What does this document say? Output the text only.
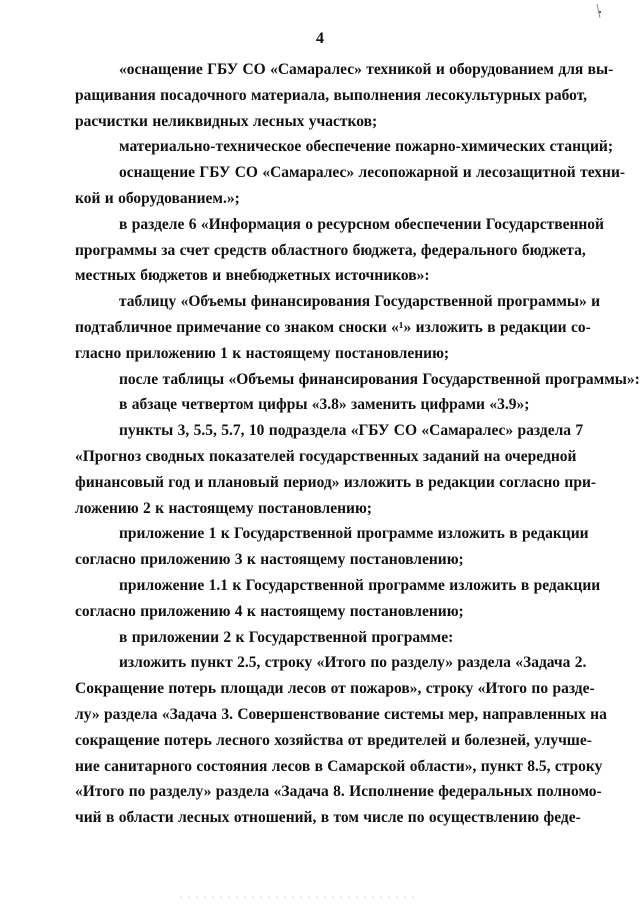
4
«оснащение ГБУ СО «Самаралес» техникой и оборудованием для вы-
ращивания посадочного материала, выполнения лесокультурных работ,
расчистки неликвидных лесных участков;
материально-техническое обеспечение пожарно-химических станций;
оснащение ГБУ СО «Самаралес» лесопожарной и лесозащитной техни-
кой и оборудованием.»;
в разделе 6 «Информация о ресурсном обеспечении Государственной
программы за счет средств областного бюджета, федерального бюджета,
местных бюджетов и внебюджетных источников»:
таблицу «Объемы финансирования Государственной программы» и
подтабличное примечание со знаком сноски «¹» изложить в редакции со-
гласно приложению 1 к настоящему постановлению;
после таблицы «Объемы финансирования Государственной программы»:
в абзаце четвертом цифры «3.8» заменить цифрами «3.9»;
пункты 3, 5.5, 5.7, 10 подраздела «ГБУ СО «Самаралес» раздела 7
«Прогноз сводных показателей государственных заданий на очередной
финансовый год и плановый период» изложить в редакции согласно при-
ложению 2 к настоящему постановлению;
приложение 1 к Государственной программе изложить в редакции
согласно приложению 3 к настоящему постановлению;
приложение 1.1 к Государственной программе изложить в редакции
согласно приложению 4 к настоящему постановлению;
в приложении 2 к Государственной программе:
изложить пункт 2.5, строку «Итого по разделу» раздела «Задача 2.
Сокращение потерь площади лесов от пожаров», строку «Итого по разде-
лу» раздела «Задача 3. Совершенствование системы мер, направленных на
сокращение потерь лесного хозяйства от вредителей и болезней, улучше-
ние санитарного состояния лесов в Самарской области», пункт 8.5, строку
«Итого по разделу» раздела «Задача 8. Исполнение федеральных полномо-
чий в области лесных отношений, в том числе по осуществлению феде-
